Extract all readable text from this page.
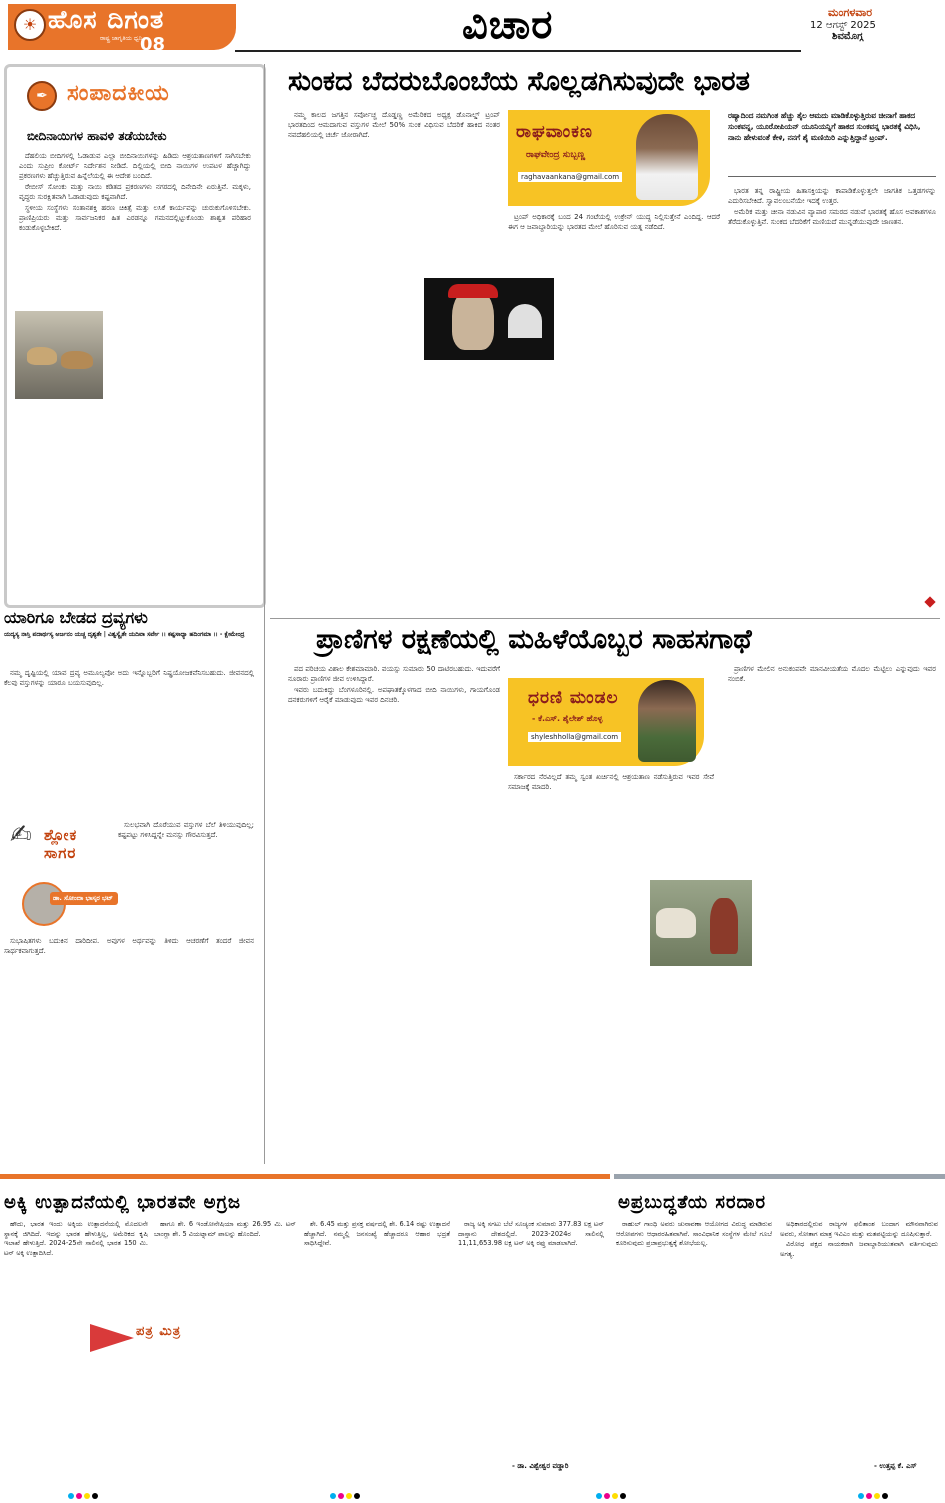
☀ ಹೊಸ ದಿಗಂತ
ರಾಷ್ಟ್ರ ಜಾಗೃತಿಯ ಧ್ವನಿ
08	ವಿಚಾರ	ಮಂಗಳವಾರ
12 ಆಗಸ್ಟ್ 2025
ಶಿವಮೊಗ್ಗ
✒ ಸಂಪಾದಕೀಯ
ಬೀದಿನಾಯಿಗಳ ಹಾವಳಿ ತಡೆಯಬೇಕು

ದೆಹಲಿಯ ಬೀದಿಗಳಲ್ಲಿ ಓಡಾಡುವ ಎಲ್ಲಾ ಬೀದಿನಾಯಿಗಳನ್ನು ಹಿಡಿದು ಆಶ್ರಯತಾಣಗಳಿಗೆ ಸಾಗಿಸಬೇಕು ಎಂದು ಸುಪ್ರೀಂ ಕೋರ್ಟ್ ನಿರ್ದೇಶನ ನೀಡಿದೆ. ದಿಲ್ಲಿಯಲ್ಲಿ ಬೀದಿ ನಾಯಿಗಳ ಉಪಟಳ ಹೆಚ್ಚಾಗಿದ್ದು ಪ್ರಕರಣಗಳು ಹೆಚ್ಚುತ್ತಿರುವ ಹಿನ್ನೆಲೆಯಲ್ಲಿ ಈ ಆದೇಶ ಬಂದಿದೆ.

ರೇಬೀಸ್ ಸೋಂಕು ಮತ್ತು ನಾಯಿ ಕಡಿತದ ಪ್ರಕರಣಗಳು ನಗರದಲ್ಲಿ ದಿನೇದಿನೇ ಏರುತ್ತಿವೆ. ಮಕ್ಕಳು, ವೃದ್ಧರು ಸುರಕ್ಷಿತವಾಗಿ ಓಡಾಡುವುದು ಕಷ್ಟವಾಗಿದೆ.

ಸ್ಥಳೀಯ ಸಂಸ್ಥೆಗಳು ಸಂತಾನಶಕ್ತಿ ಹರಣ ಚಿಕಿತ್ಸೆ ಮತ್ತು ಲಸಿಕೆ ಕಾರ್ಯವನ್ನು ಚುರುಕುಗೊಳಿಸಬೇಕು. ಪ್ರಾಣಿಪ್ರಿಯರು ಮತ್ತು ಸಾರ್ವಜನಿಕರ ಹಿತ ಎರಡನ್ನೂ ಗಮನದಲ್ಲಿಟ್ಟುಕೊಂಡು ಶಾಶ್ವತ ಪರಿಹಾರ ಕಂಡುಕೊಳ್ಳಬೇಕಿದೆ.

ಯಾರಿಗೂ ಬೇಡದ ದ್ರವ್ಯಗಳು
ಯದ್ಯಸ್ಯ ನಾಸ್ತಿ ಪದಾರ್ಥಸ್ಯ ಅರ್ಜನಂ ಯಚ್ಚ ದೃಶ್ಯತೇ | ವಿಶ್ವಸ್ಯೈತೇ ಯದಿವಾ ಸರ್ವೇ ।। ಕಷ್ಟಸಾಧ್ಯಾ ಹದಿಂಗಮಾ ।। - ಕ್ಷೇಮೇಂದ್ರ

ನಮ್ಮ ದೃಷ್ಟಿಯಲ್ಲಿ ಯಾವ ದ್ರವ್ಯ ಅಮೂಲ್ಯವೋ ಅದು ಇನ್ನೊಬ್ಬರಿಗೆ ನಿಷ್ಪ್ರಯೋಜಕವೆನಿಸಬಹುದು. ಜೀವನದಲ್ಲಿ ಕೆಲವು ವಸ್ತುಗಳನ್ನು ಯಾರೂ ಬಯಸುವುದಿಲ್ಲ.

✍ ಶ್ಲೋಕ ಸಾಗರ
ಡಾ. ಸೋಂದಾ ಭಾಸ್ಕರ ಭಟ್

ಸುಲಭವಾಗಿ ದೊರೆಯುವ ವಸ್ತುಗಳ ಬೆಲೆ ತಿಳಿಯುವುದಿಲ್ಲ; ಕಷ್ಟಪಟ್ಟು ಗಳಿಸಿದ್ದನ್ನೇ ಮನಸ್ಸು ಗೌರವಿಸುತ್ತದೆ.

ಸುಭಾಷಿತಗಳು ಬದುಕಿನ ದಾರಿದೀಪ. ಅವುಗಳ ಅರ್ಥವನ್ನು ತಿಳಿದು ಆಚರಣೆಗೆ ತಂದರೆ ಜೀವನ ಸಾರ್ಥಕವಾಗುತ್ತದೆ.

ಸುಂಕದ ಬೆದರುಬೊಂಬೆಯ ಸೊಲ್ಲಡಗಿಸುವುದೇ ಭಾರತ
ರಾಘವಾಂಕಣ
ರಾಘವೇಂದ್ರ ಸುಬ್ಬಣ್ಣ
raghavaankana@gmail.com

ನಮ್ಮ ಕಾಲದ ಜಗತ್ತಿನ ಸರ್ವೋಚ್ಚ ದೊಡ್ಡಣ್ಣ ಅಮೆರಿಕದ ಅಧ್ಯಕ್ಷ ಡೊನಾಲ್ಡ್ ಟ್ರಂಪ್ ಭಾರತದಿಂದ ಆಮದಾಗುವ ವಸ್ತುಗಳ ಮೇಲೆ 50% ಸುಂಕ ವಿಧಿಸುವ ಬೆದರಿಕೆ ಹಾಕಿದ ನಂತರ ನವದೆಹಲಿಯಲ್ಲಿ ಚರ್ಚೆ ಜೋರಾಗಿದೆ.

ಟ್ರಂಪ್ ಅಧಿಕಾರಕ್ಕೆ ಬಂದ 24 ಗಂಟೆಯಲ್ಲಿ ಉಕ್ರೇನ್ ಯುದ್ಧ ನಿಲ್ಲಿಸುತ್ತೇನೆ ಎಂದಿದ್ದ. ಆದರೆ ಈಗ ಆ ಜವಾಬ್ದಾರಿಯನ್ನು ಭಾರತದ ಮೇಲೆ ಹೊರಿಸುವ ಯತ್ನ ನಡೆದಿದೆ.

ರಷ್ಯಾದಿಂದ ನಮಗಿಂತ ಹೆಚ್ಚು ತೈಲ ಆಮದು ಮಾಡಿಕೊಳ್ಳುತ್ತಿರುವ ಚೀನಾಗೆ ಹಾಕದ ಸುಂಕವನ್ನ, ಯೂರೋಪಿಯನ್ ಯೂನಿಯನ್ನಿಗೆ ಹಾಕದ ಸುಂಕವನ್ನ ಭಾರತಕ್ಕೆ ವಿಧಿಸಿ, ನಾನು ಹೇಳುವಂತೆ ಕೇಳಿ, ನನಗೆ ಶೈ ಮಣಿಯಿರಿ ಎನ್ನುತ್ತಿದ್ದಾನೆ ಟ್ರಂಪ್.

ಭಾರತ ತನ್ನ ರಾಷ್ಟ್ರೀಯ ಹಿತಾಸಕ್ತಿಯನ್ನು ಕಾಪಾಡಿಕೊಳ್ಳುತ್ತಲೇ ಜಾಗತಿಕ ಒತ್ತಡಗಳನ್ನು ಎದುರಿಸಬೇಕಿದೆ. ಸ್ವಾವಲಂಬನೆಯೇ ಇದಕ್ಕೆ ಉತ್ತರ.

ಅಮೆರಿಕ ಮತ್ತು ಚೀನಾ ನಡುವಿನ ವ್ಯಾಪಾರ ಸಮರದ ನಡುವೆ ಭಾರತಕ್ಕೆ ಹೊಸ ಅವಕಾಶಗಳೂ ತೆರೆದುಕೊಳ್ಳುತ್ತಿವೆ. ಸುಂಕದ ಬೆದರಿಕೆಗೆ ಮಣಿಯದೆ ಮುನ್ನಡೆಯುವುದೇ ಜಾಣತನ.

ಪ್ರಾಣಿಗಳ ರಕ್ಷಣೆಯಲ್ಲಿ ಮಹಿಳೆಯೊಬ್ಬರ ಸಾಹಸಗಾಥೆ

ಪದ ಪರಿಚಯ ವಿಶಾಲ ಕೇಶಮಾಮಾರಿ. ವಯಸ್ಸು ಸುಮಾರು 50 ದಾಟಿರಬಹುದು. ಇದುವರೆಗೆ ನೂರಾರು ಪ್ರಾಣಿಗಳ ಜೀವ ಉಳಿಸಿದ್ದಾರೆ.

ಇವರು ಬದುಕಿದ್ದು ಬೆಂಗಳೂರಿನಲ್ಲಿ. ಅಪಘಾತಕ್ಕೊಳಗಾದ ಬೀದಿ ನಾಯಿಗಳು, ಗಾಯಗೊಂಡ ದನಕರುಗಳಿಗೆ ಆರೈಕೆ ಮಾಡುವುದು ಇವರ ದಿನಚರಿ.	ಧರಣಿ ಮಂಡಲ
- ಕೆ.ಎಸ್. ಶೈಲೇಶ್ ಹೊಳ್ಳ
shyleshholla@gmail.com

ಸರ್ಕಾರದ ನೆರವಿಲ್ಲದೆ ತಮ್ಮ ಸ್ವಂತ ಖರ್ಚಿನಲ್ಲಿ ಆಶ್ರಯತಾಣ ನಡೆಸುತ್ತಿರುವ ಇವರ ಸೇವೆ ಸಮಾಜಕ್ಕೆ ಮಾದರಿ.

ಪ್ರಾಣಿಗಳ ಮೇಲಿನ ಅನುಕಂಪವೇ ಮಾನವೀಯತೆಯ ಮೊದಲ ಮೆಟ್ಟಿಲು ಎನ್ನುವುದು ಇವರ ನಂಬಿಕೆ.

ಅಕ್ಕಿ ಉತ್ಪಾದನೆಯಲ್ಲಿ ಭಾರತವೇ ಅಗ್ರಜ

ಹೌದು, ಭಾರತ ಇಂದು ಅಕ್ಕಿಯ ಉತ್ಪಾದನೆಯಲ್ಲಿ ಮೊದಲನೇ ಸ್ಥಾನಕ್ಕೆ ಜಿಗಿದಿದೆ. ಇದನ್ನು ಭಾರತ ಹೇಳುತ್ತಿಲ್ಲ, ಅಮೆರಿಕದ ಕೃಷಿ ಇಲಾಖೆ ಹೇಳುತ್ತಿದೆ. 2024-25ನೇ ಸಾಲಿನಲ್ಲಿ ಭಾರತ 150 ಮಿ. ಟನ್ ಅಕ್ಕಿ ಉತ್ಪಾದಿಸಿದೆ.

ಪತ್ರ ಮಿತ್ರ

ಹಾಗೂ ಶೇ. 6 ಇಂಡೋನೇಷಿಯಾ ಮತ್ತು 26.95 ಮಿ. ಟನ್ ಬಾಂಗ್ಲಾ ಶೇ. 5 ವಿಯಟ್ನಾಮ್ ಪಾಲನ್ನು ಹೊಂದಿದೆ.

ಶೇ. 6.45 ಮತ್ತು ಪ್ರಸಕ್ತ ವರ್ಷದಲ್ಲಿ ಶೇ. 6.14 ರಷ್ಟು ಉತ್ಪಾದನೆ ಹೆಚ್ಚಾಗಿದೆ. ನಮ್ಮಲ್ಲಿ ಜನಸಂಖ್ಯೆ ಹೆಚ್ಚಾದರೂ ಆಹಾರ ಭದ್ರತೆ ಸಾಧಿಸಿದ್ದೇವೆ.

ರಾಜ್ಯ ಅಕ್ಕಿ ಸಗಟು ಬೆಲೆ ಸೂಚ್ಯಂಕ ಸುಮಾರು 377.83 ಲಕ್ಷ ಟನ್ ದಾಸ್ತಾನು ದೇಶದಲ್ಲಿದೆ. 2023-2024ರ ಸಾಲಿನಲ್ಲಿ 11,11,653.98 ಲಕ್ಷ ಟನ್ ಅಕ್ಕಿ ರಫ್ತು ಮಾಡಲಾಗಿದೆ.

- ಡಾ. ವಿಶ್ವೇಶ್ವರ ವಡ್ಡಾರಿ
ಅಪ್ರಬುದ್ಧತೆಯ ಸರದಾರ

ರಾಹುಲ್ ಗಾಂಧಿ ಅವರು ಚುನಾವಣಾ ಆಯೋಗದ ವಿರುದ್ಧ ಮಾಡಿರುವ ಆರೋಪಗಳು ಆಧಾರರಹಿತವಾಗಿವೆ. ಸಾಂವಿಧಾನಿಕ ಸಂಸ್ಥೆಗಳ ಮೇಲೆ ಗೂಬೆ ಕೂರಿಸುವುದು ಪ್ರಜಾಪ್ರಭುತ್ವಕ್ಕೆ ಶೋಭೆಯಲ್ಲ.

ಅಧಿಕಾರದಲ್ಲಿರುವ ರಾಜ್ಯಗಳ ಫಲಿತಾಂಶ ಬಂದಾಗ ಮೌನವಾಗಿರುವ ಅವರು, ಸೋತಾಗ ಮಾತ್ರ ಇವಿಎಂ ಮತ್ತು ಮತಪಟ್ಟಿಯನ್ನು ದೂಷಿಸುತ್ತಾರೆ.

ವಿರೋಧ ಪಕ್ಷದ ನಾಯಕರಾಗಿ ಜವಾಬ್ದಾರಿಯುತವಾಗಿ ವರ್ತಿಸುವುದು ಅಗತ್ಯ.

- ಉತ್ತಪ್ಪ ಕೆ. ಎಸ್
